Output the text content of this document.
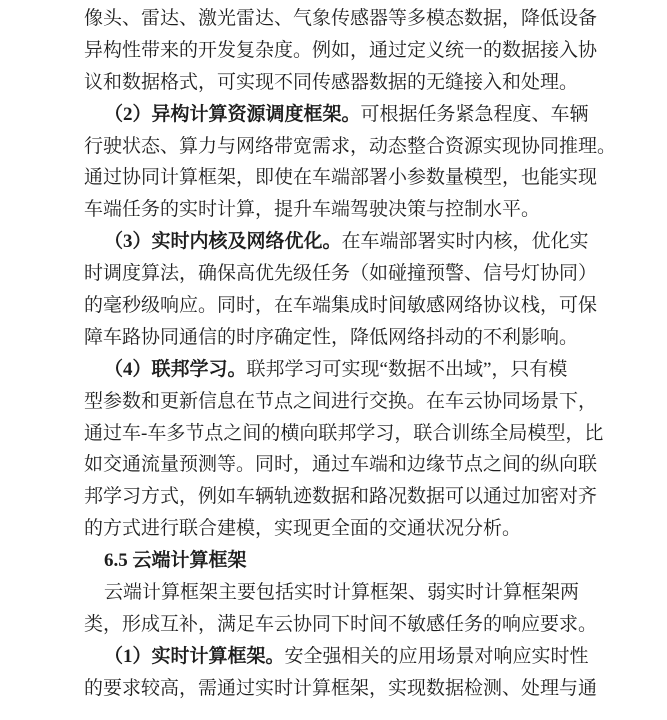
像头、雷达、激光雷达、气象传感器等多模态数据，降低设备
异构性带来的开发复杂度。例如，通过定义统一的数据接入协
议和数据格式，可实现不同传感器数据的无缝接入和处理。
（2）异构计算资源调度框架。可根据任务紧急程度、车辆
行驶状态、算力与网络带宽需求，动态整合资源实现协同推理。
通过协同计算框架，即使在车端部署小参数量模型，也能实现
车端任务的实时计算，提升车端驾驶决策与控制水平。
（3）实时内核及网络优化。在车端部署实时内核，优化实
时调度算法，确保高优先级任务（如碰撞预警、信号灯协同）
的毫秒级响应。同时，在车端集成时间敏感网络协议栈，可保
障车路协同通信的时序确定性，降低网络抖动的不利影响。
（4）联邦学习。联邦学习可实现“数据不出域”，只有模
型参数和更新信息在节点之间进行交换。在车云协同场景下，
通过车-车多节点之间的横向联邦学习，联合训练全局模型，比
如交通流量预测等。同时，通过车端和边缘节点之间的纵向联
邦学习方式，例如车辆轨迹数据和路况数据可以通过加密对齐
的方式进行联合建模，实现更全面的交通状况分析。
6.5 云端计算框架
云端计算框架主要包括实时计算框架、弱实时计算框架两
类，形成互补，满足车云协同下时间不敏感任务的响应要求。
（1）实时计算框架。安全强相关的应用场景对响应实时性
的要求较高，需通过实时计算框架，实现数据检测、处理与通
